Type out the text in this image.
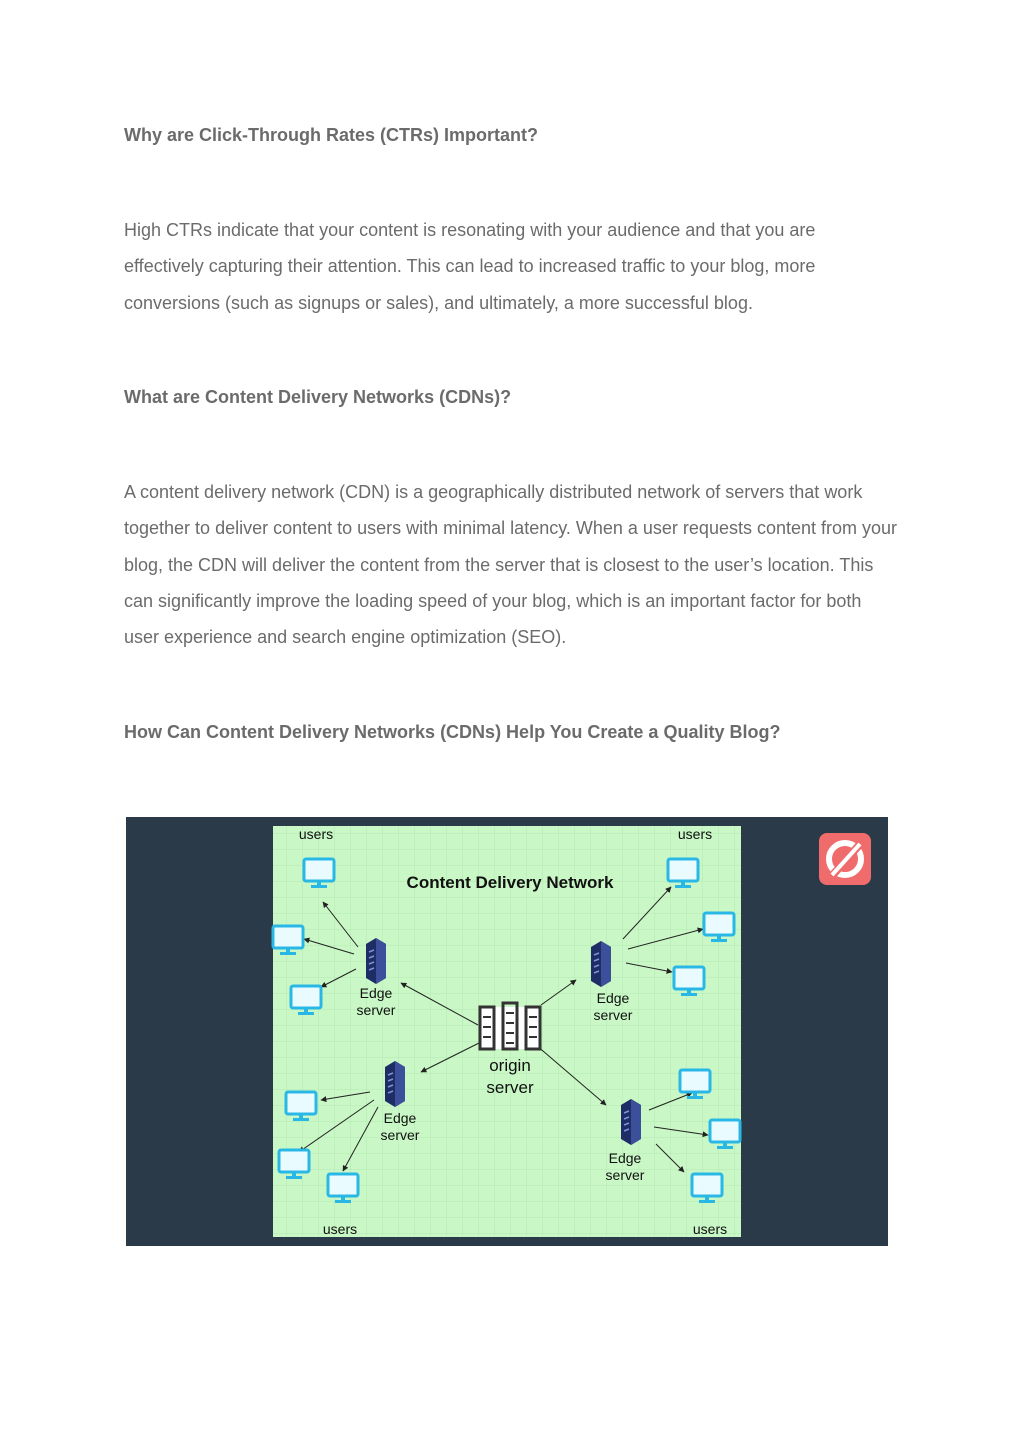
Why are Click-Through Rates (CTRs) Important?

High CTRs indicate that your content is resonating with your audience and that you are effectively capturing their attention. This can lead to increased traffic to your blog, more conversions (such as signups or sales), and ultimately, a more successful blog.

What are Content Delivery Networks (CDNs)?

A content delivery network (CDN) is a geographically distributed network of servers that work together to deliver content to users with minimal latency. When a user requests content from your blog, the CDN will deliver the content from the server that is closest to the user’s location. This can significantly improve the loading speed of your blog, which is an important factor for both user experience and search engine optimization (SEO).

How Can Content Delivery Networks (CDNs) Help You Create a Quality Blog?
Content Delivery Network
origin
server
Edge
server
Edge
server
Edge
server
Edge
server
users	users
users	users
